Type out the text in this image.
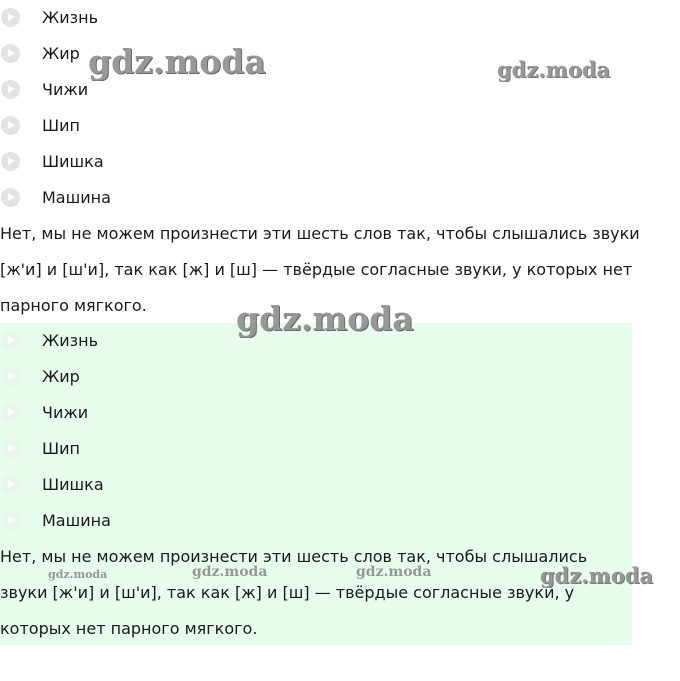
Жизнь
Жир
Чижи
Шип
Шишка
Машина

Нет, мы не можем произнести эти шесть слов так, чтобы слышались звуки [ж'и] и [ш'и], так как [ж] и [ш] — твёрдые согласные звуки, у которых нет парного мягкого.

Жизнь
Жир
Чижи
Шип
Шишка
Машина

Нет, мы не можем произнести эти шесть слов так, чтобы слышались звуки [ж'и] и [ш'и], так как [ж] и [ш] — твёрдые согласные звуки, у которых нет парного мягкого.

gdz.moda	gdz.moda
gdz.moda
gdz.moda	gdz.moda	gdz.moda	gdz.moda
